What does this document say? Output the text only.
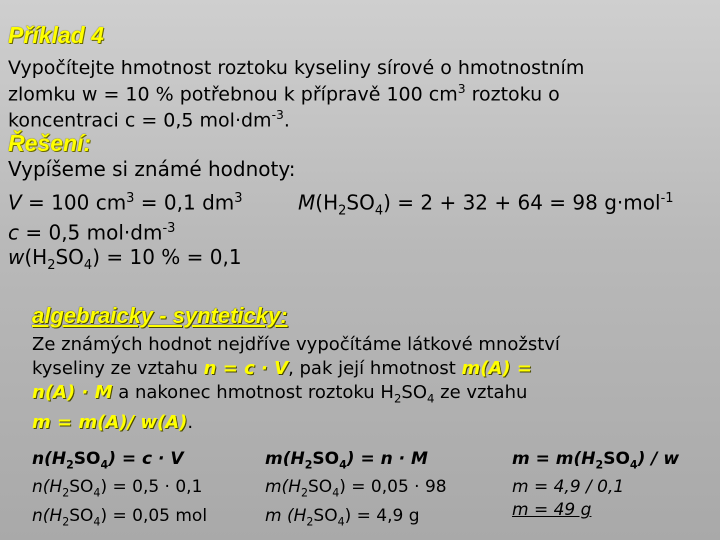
Příklad 4
Vypočítejte hmotnost roztoku kyseliny sírové o hmotnostním
zlomku w = 10 % potřebnou k přípravě 100 $cm^3$ roztoku o
koncentraci c = 0,5 $mol\cdot dm^{-3}$.
Řešení:
Vypíšeme si známé hodnoty:
V = 100 $cm^3 = 0,1$ $dm^3$	$M(H_2SO_4) = 2 + 32 + 64 = 98$ g·mol$^{-1}$
c = 0,5 $mol\cdot dm^{-3}$
$w(H_2SO_4) = 10$ % = 0,1
algebraicky - synteticky:
Ze známých hodnot nejdříve vypočítáme látkové množství
kyseliny ze vztahu n = c · V, pak její hmotnost m(A) =
n(A) · M a nakonec hmotnost roztoku $H_2SO_4$ ze vztahu
m = m(A)/ w(A).
$n(H_2SO_4) = c \cdot V$
$n(H_2SO_4) = 0,5 \cdot 0,1$
$n(H_2SO_4) = 0,05$ mol
$m(H_2SO_4) = n \cdot M$
$m(H_2SO_4) = 0,05 \cdot 98$
m $(H_2SO_4) = 4,9$ g
$m = m(H_2SO_4) / w$
m = 4,9 / 0,1
m = 49 g
